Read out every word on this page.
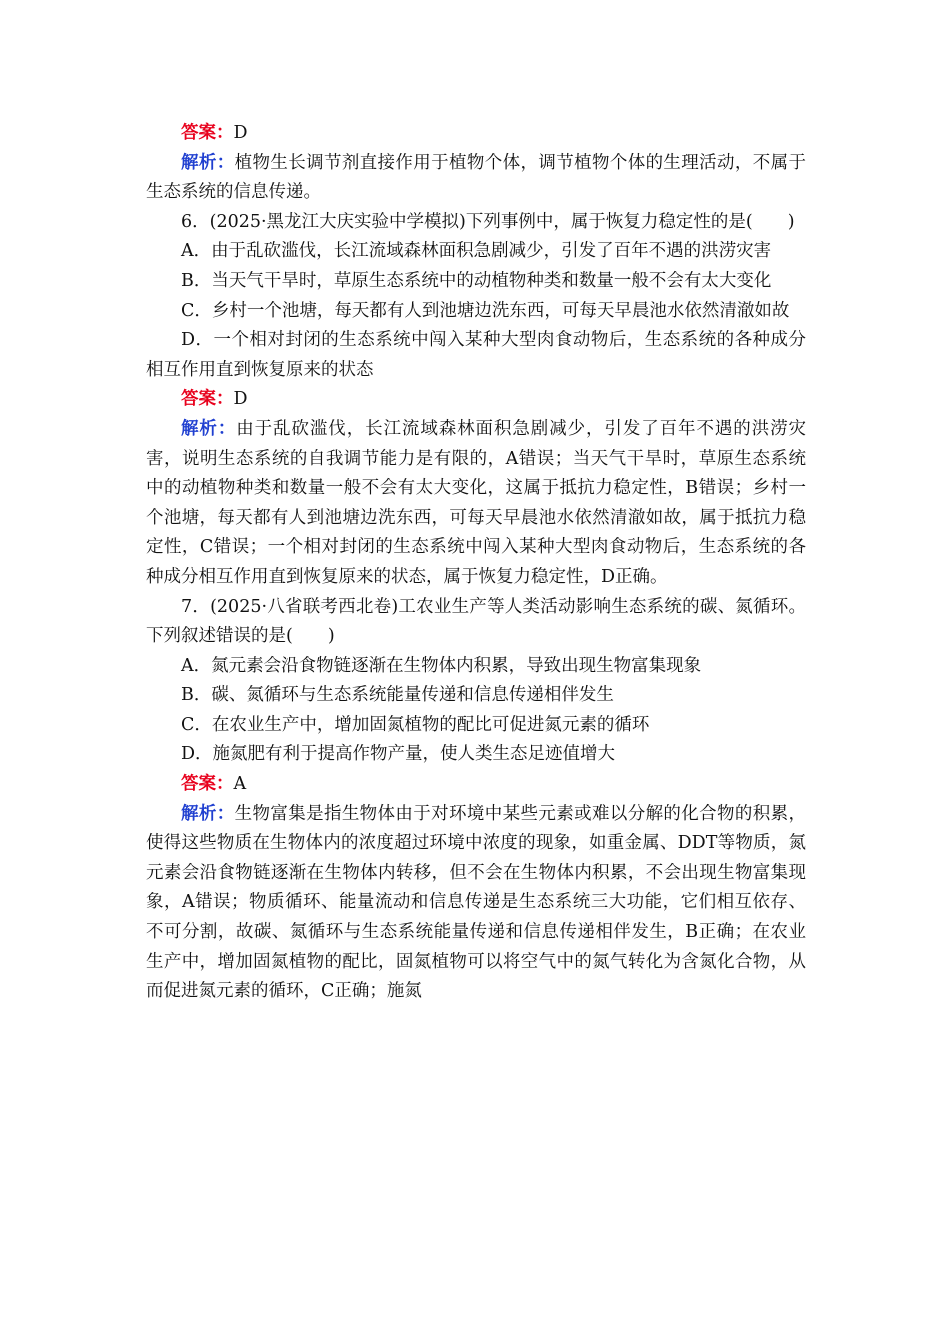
答案：D

解析：植物生长调节剂直接作用于植物个体，调节植物个体的生理活动，不属于生态系统的信息传递。

6．(2025·黑龙江大庆实验中学模拟)下列事例中，属于恢复力稳定性的是(　　)

A．由于乱砍滥伐，长江流域森林面积急剧减少，引发了百年不遇的洪涝灾害

B．当天气干旱时，草原生态系统中的动植物种类和数量一般不会有太大变化

C．乡村一个池塘，每天都有人到池塘边洗东西，可每天早晨池水依然清澈如故

D．一个相对封闭的生态系统中闯入某种大型肉食动物后，生态系统的各种成分相互作用直到恢复原来的状态

答案：D

解析：由于乱砍滥伐，长江流域森林面积急剧减少，引发了百年不遇的洪涝灾害，说明生态系统的自我调节能力是有限的，A错误；当天气干旱时，草原生态系统中的动植物种类和数量一般不会有太大变化，这属于抵抗力稳定性，B错误；乡村一个池塘，每天都有人到池塘边洗东西，可每天早晨池水依然清澈如故，属于抵抗力稳定性，C错误；一个相对封闭的生态系统中闯入某种大型肉食动物后，生态系统的各种成分相互作用直到恢复原来的状态，属于恢复力稳定性，D正确。

7．(2025·八省联考西北卷)工农业生产等人类活动影响生态系统的碳、氮循环。下列叙述错误的是(　　)

A．氮元素会沿食物链逐渐在生物体内积累，导致出现生物富集现象

B．碳、氮循环与生态系统能量传递和信息传递相伴发生

C．在农业生产中，增加固氮植物的配比可促进氮元素的循环

D．施氮肥有利于提高作物产量，使人类生态足迹值增大

答案：A

解析：生物富集是指生物体由于对环境中某些元素或难以分解的化合物的积累，使得这些物质在生物体内的浓度超过环境中浓度的现象，如重金属、DDT等物质，氮元素会沿食物链逐渐在生物体内转移，但不会在生物体内积累，不会出现生物富集现象，A错误；物质循环、能量流动和信息传递是生态系统三大功能，它们相互依存、不可分割，故碳、氮循环与生态系统能量传递和信息传递相伴发生，B正确；在农业生产中，增加固氮植物的配比，固氮植物可以将空气中的氮气转化为含氮化合物，从而促进氮元素的循环，C正确；施氮
